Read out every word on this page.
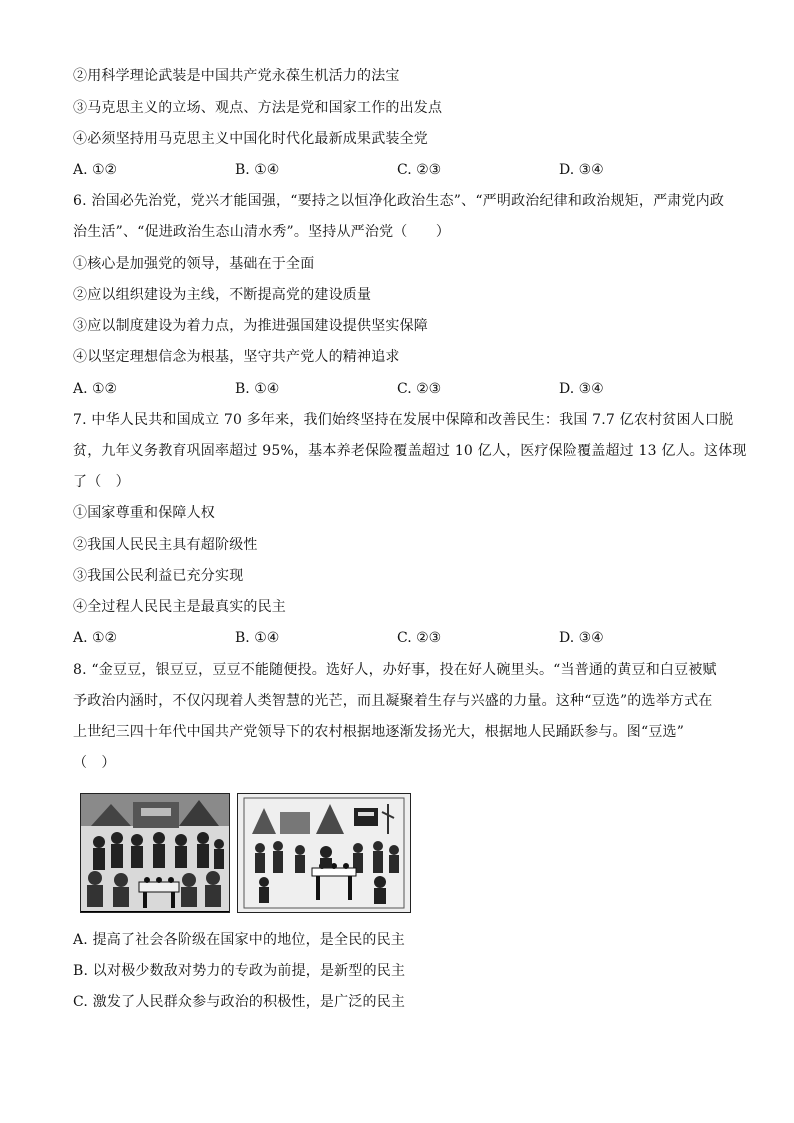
②用科学理论武装是中国共产党永葆生机活力的法宝
③马克思主义的立场、观点、方法是党和国家工作的出发点
④必须坚持用马克思主义中国化时代化最新成果武装全党
A. ①②	B. ①④	C. ②③	D. ③④
6. 治国必先治党，党兴才能国强，“要持之以恒净化政治生态”、“严明政治纪律和政治规矩，严肃党内政
治生活”、“促进政治生态山清水秀”。坚持从严治党（　　）
①核心是加强党的领导，基础在于全面
②应以组织建设为主线，不断提高党的建设质量
③应以制度建设为着力点，为推进强国建设提供坚实保障
④以坚定理想信念为根基，坚守共产党人的精神追求
A. ①②	B. ①④	C. ②③	D. ③④
7. 中华人民共和国成立 70 多年来，我们始终坚持在发展中保障和改善民生：我国 7.7 亿农村贫困人口脱
贫，九年义务教育巩固率超过 95%，基本养老保险覆盖超过 10 亿人，医疗保险覆盖超过 13 亿人。这体现
了（　）
①国家尊重和保障人权
②我国人民民主具有超阶级性
③我国公民利益已充分实现
④全过程人民民主是最真实的民主
A. ①②	B. ①④	C. ②③	D. ③④
8. “金豆豆，银豆豆，豆豆不能随便投。选好人，办好事，投在好人碗里头。“当普通的黄豆和白豆被赋
予政治内涵时，不仅闪现着人类智慧的光芒，而且凝聚着生存与兴盛的力量。这种“豆选”的选举方式在
上世纪三四十年代中国共产党领导下的农村根据地逐渐发扬光大，根据地人民踊跃参与。图“豆选”
（　）
A. 提高了社会各阶级在国家中的地位，是全民的民主
B. 以对极少数敌对势力的专政为前提，是新型的民主
C. 激发了人民群众参与政治的积极性，是广泛的民主
